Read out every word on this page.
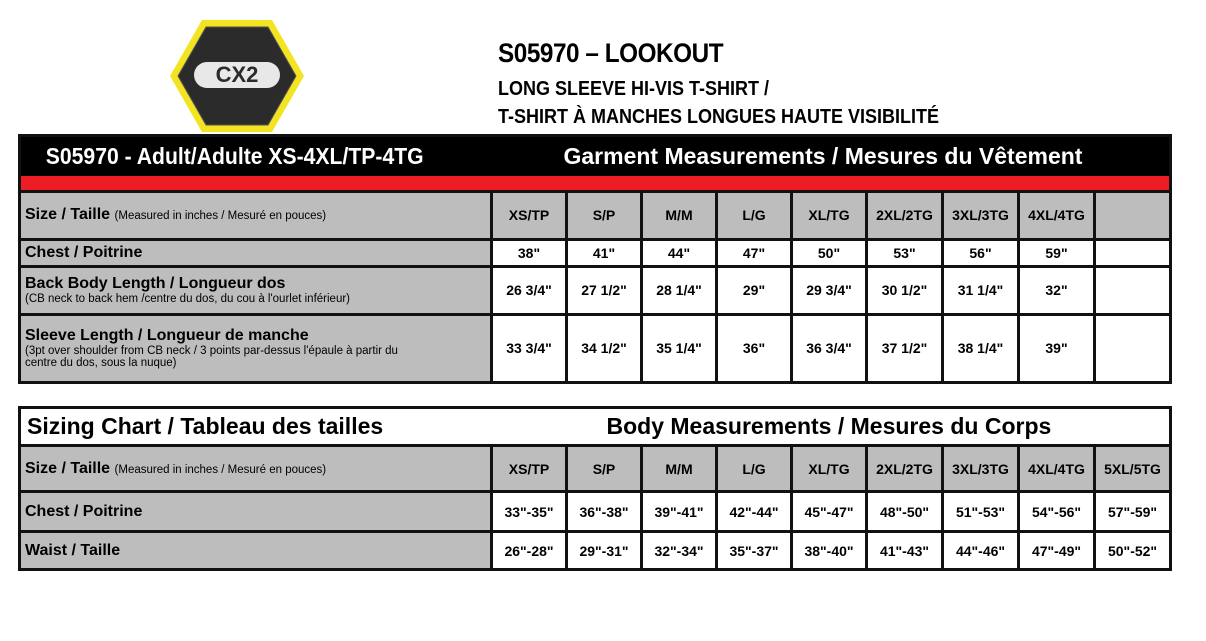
CX2
S05970 – LOOKOUT
LONG SLEEVE HI-VIS T-SHIRT /
T-SHIRT À MANCHES LONGUES HAUTE VISIBILITÉ
S05970 - Adult/Adulte XS-4XL/TP-4TG	Garment Measurements / Mesures du Vêtement								

Size / Taille (Measured in inches / Mesuré en pouces)	XS/TP	S/P	M/M	L/G	XL/TG	2XL/2TG	3XL/3TG	4XL/4TG	
Chest / Poitrine	38"	41"	44"	47"	50"	53"	56"	59"	

Back Body Length / Longueur dos
(CB neck to back hem /centre du dos, du cou à l'ourlet inférieur)	26 3/4"	27 1/2"	28 1/4"	29"	29 3/4"	30 1/2"	31 1/4"	32"	

Sleeve Length / Longueur de manche
(3pt over shoulder from CB neck / 3 points par-dessus l'épaule à partir du
centre du dos, sous la nuque)	33 3/4"	34 1/2"	35 1/4"	36"	36 3/4"	37 1/2"	38 1/4"	39"	
Sizing Chart / Tableau des tailles	Body Measurements / Mesures du Corps								
Size / Taille (Measured in inches / Mesuré en pouces)	XS/TP	S/P	M/M	L/G	XL/TG	2XL/2TG	3XL/3TG	4XL/4TG	5XL/5TG
Chest / Poitrine	33"-35"	36"-38"	39"-41"	42"-44"	45"-47"	48"-50"	51"-53"	54"-56"	57"-59"
Waist / Taille	26"-28"	29"-31"	32"-34"	35"-37"	38"-40"	41"-43"	44"-46"	47"-49"	50"-52"
